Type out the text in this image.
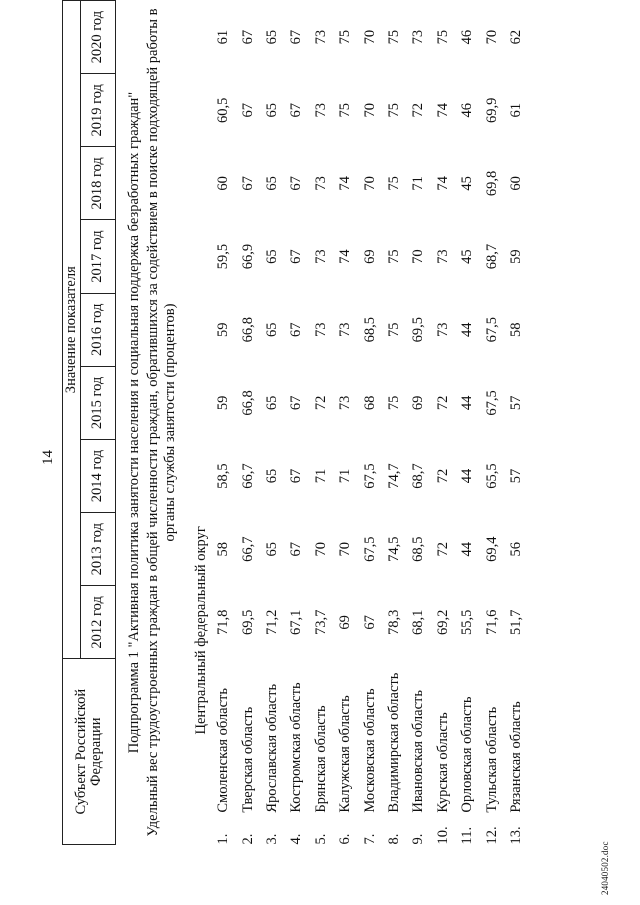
14
Субъект Российской Федерации		Значение показателя								
		2012 год	2013 год	2014 год	2015 год	2016 год	2017 год	2018 год	2019 год	2020 год
Подпрограмма 1 "Активная политика занятости населения и социальная поддержка безработных граждан"										
Удельный вес трудоустроенных граждан в общей численности граждан, обратившихся за содействием в поиске подходящей работы в органы службы занятости (процентов)										
Центральный федеральный округ										
1.	Смоленская область	71,8	58	58,5	59	59	59,5	60	60,5	61
2.	Тверская область	69,5	66,7	66,7	66,8	66,8	66,9	67	67	67
3.	Ярославская область	71,2	65	65	65	65	65	65	65	65
4.	Костромская область	67,1	67	67	67	67	67	67	67	67
5.	Брянская область	73,7	70	71	72	73	73	73	73	73
6.	Калужская область	69	70	71	73	73	74	74	75	75
7.	Московская область	67	67,5	67,5	68	68,5	69	70	70	70
8.	Владимирская область	78,3	74,5	74,7	75	75	75	75	75	75
9.	Ивановская область	68,1	68,5	68,7	69	69,5	70	71	72	73
10.	Курская область	69,2	72	72	72	73	73	74	74	75
11.	Орловская область	55,5	44	44	44	44	45	45	46	46
12.	Тульская область	71,6	69,4	65,5	67,5	67,5	68,7	69,8	69,9	70
13.	Рязанская область	51,7	56	57	57	58	59	60	61	62
24040502.doc
